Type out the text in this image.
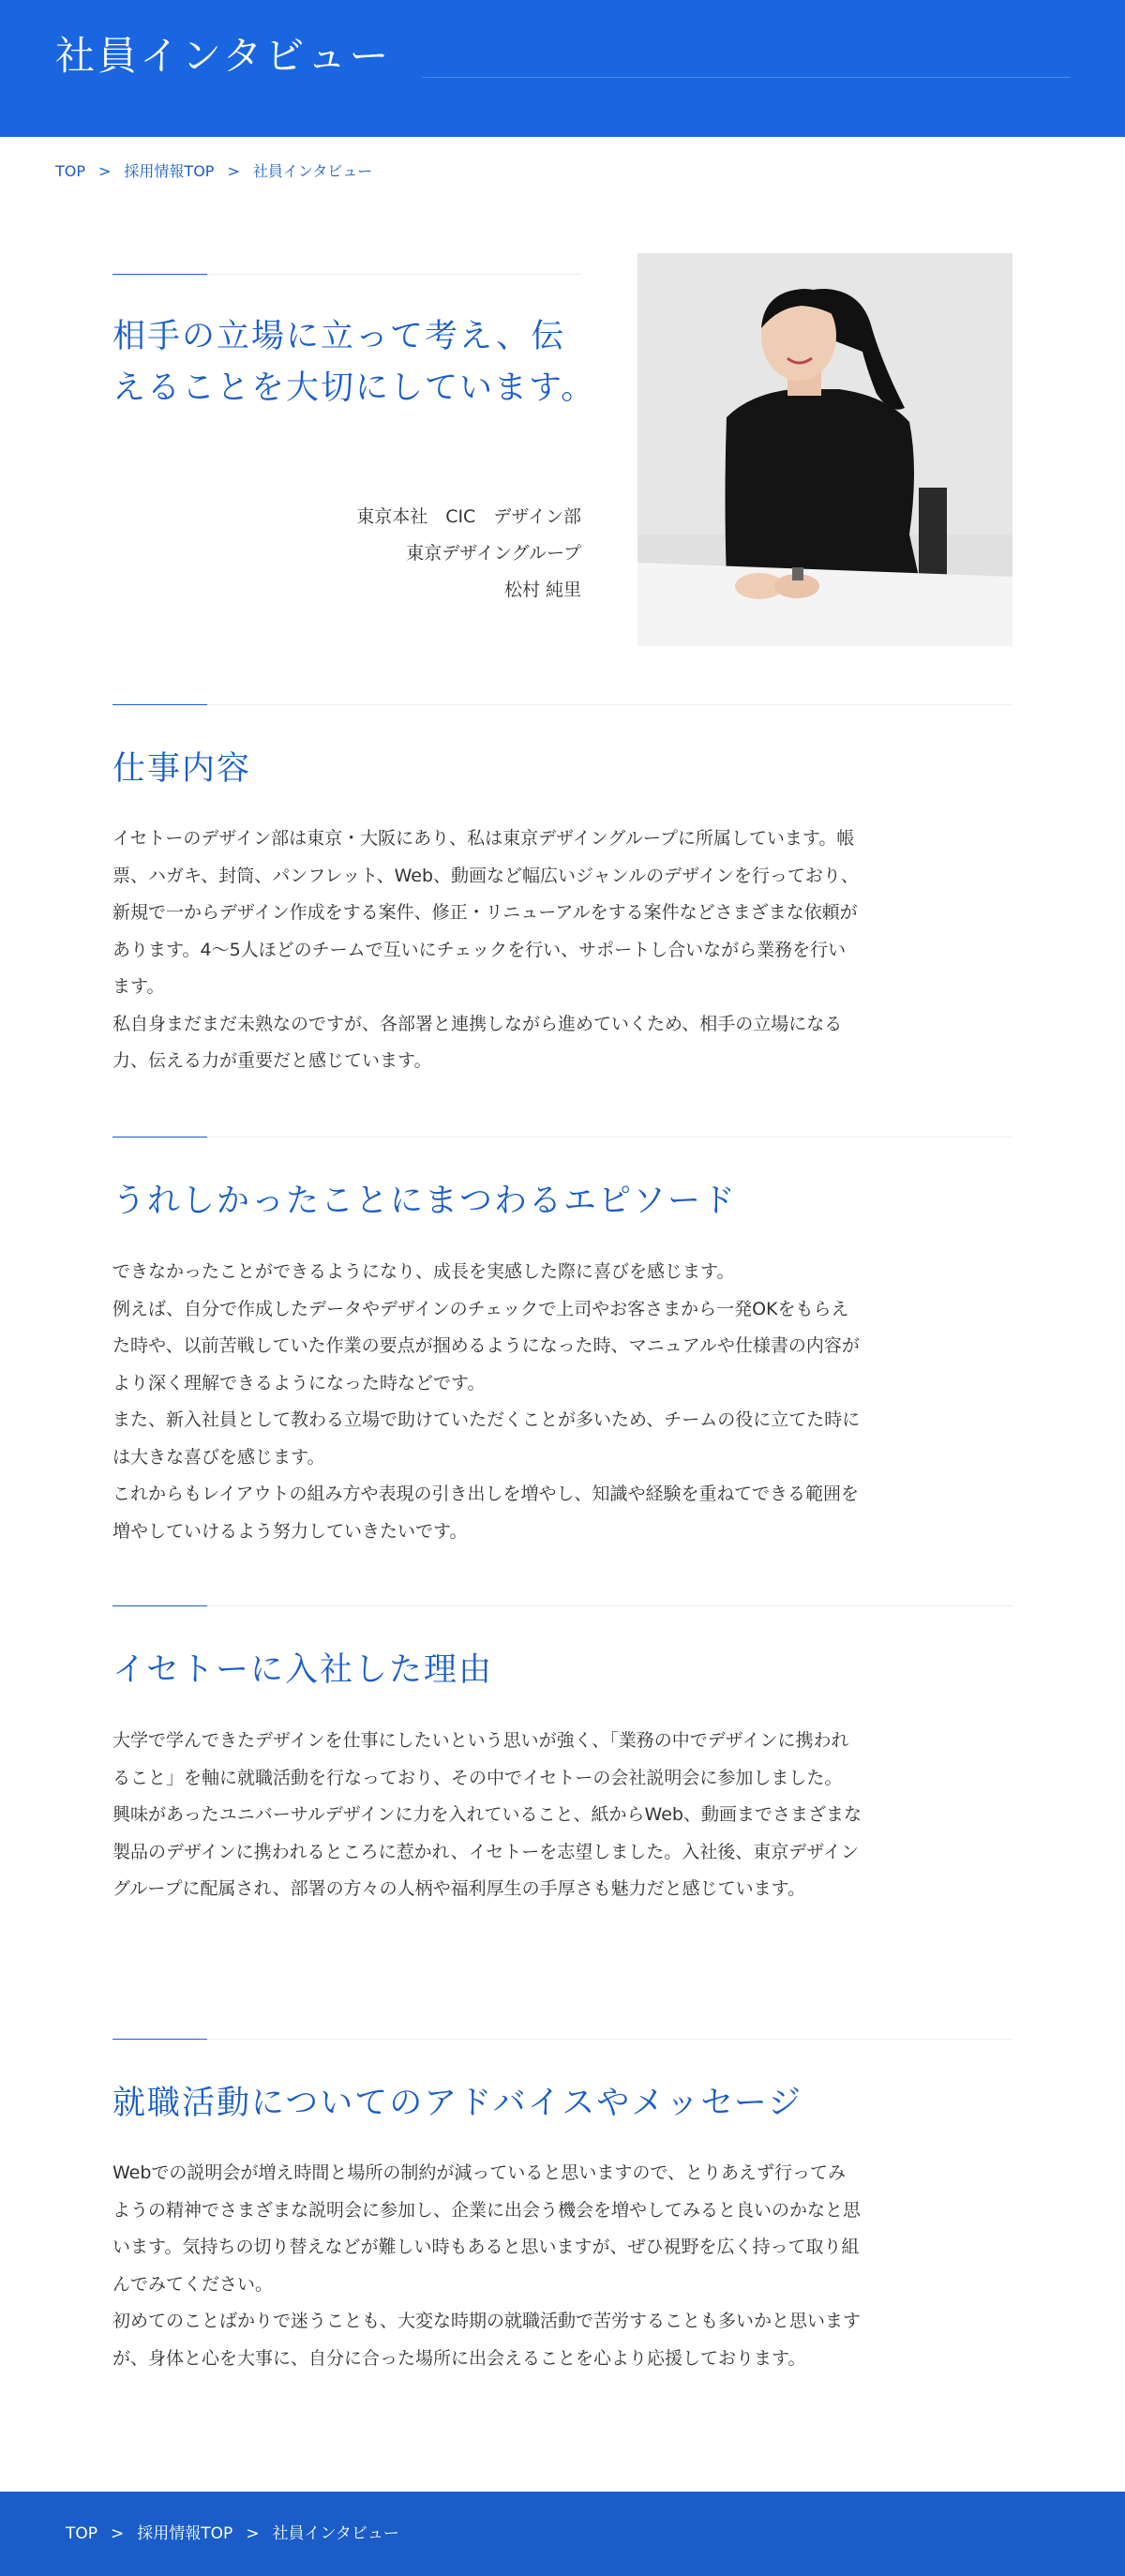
社員インタビュー
TOP > 採用情報TOP > 社員インタビュー
相手の立場に立って考え、伝えることを大切にしています。
東京本社　CIC　デザイン部
東京デザイングループ
松村 純里
仕事内容

イセトーのデザイン部は東京・大阪にあり、私は東京デザイングループに所属しています。帳票、ハガキ、封筒、パンフレット、Web、動画など幅広いジャンルのデザインを行っており、新規で一からデザイン作成をする案件、修正・リニューアルをする案件などさまざまな依頼があります。4〜5人ほどのチームで互いにチェックを行い、サポートし合いながら業務を行います。

私自身まだまだ未熟なのですが、各部署と連携しながら進めていくため、相手の立場になる力、伝える力が重要だと感じています。

うれしかったことにまつわるエピソード

できなかったことができるようになり、成長を実感した際に喜びを感じます。

例えば、自分で作成したデータやデザインのチェックで上司やお客さまから一発OKをもらえた時や、以前苦戦していた作業の要点が掴めるようになった時、マニュアルや仕様書の内容がより深く理解できるようになった時などです。

また、新入社員として教わる立場で助けていただくことが多いため、チームの役に立てた時には大きな喜びを感じます。

これからもレイアウトの組み方や表現の引き出しを増やし、知識や経験を重ねてできる範囲を増やしていけるよう努力していきたいです。

イセトーに入社した理由

大学で学んできたデザインを仕事にしたいという思いが強く、「業務の中でデザインに携われること」を軸に就職活動を行なっており、その中でイセトーの会社説明会に参加しました。

興味があったユニバーサルデザインに力を入れていること、紙からWeb、動画までさまざまな製品のデザインに携われるところに惹かれ、イセトーを志望しました。入社後、東京デザイングループに配属され、部署の方々の人柄や福利厚生の手厚さも魅力だと感じています。

就職活動についてのアドバイスやメッセージ

Webでの説明会が増え時間と場所の制約が減っていると思いますので、とりあえず行ってみようの精神でさまざまな説明会に参加し、企業に出会う機会を増やしてみると良いのかなと思います。気持ちの切り替えなどが難しい時もあると思いますが、ぜひ視野を広く持って取り組んでみてください。

初めてのことばかりで迷うことも、大変な時期の就職活動で苦労することも多いかと思いますが、身体と心を大事に、自分に合った場所に出会えることを心より応援しております。

TOP > 採用情報TOP > 社員インタビュー
